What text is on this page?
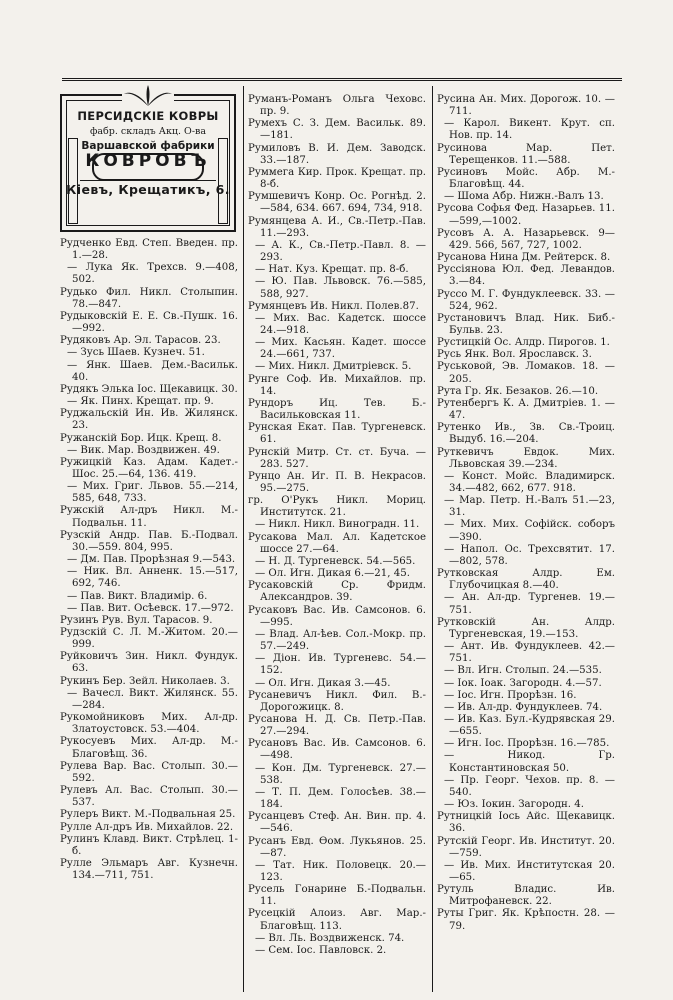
ПЕРСИДСКІЕ КОВРЫ
фабр. складъ Акц. О-ва
Варшавской фабрики
КОВРОВЪ
Кіевъ, Крещатикъ, 6.

Рудченко Евд. Степ. Введен. пр. 1.—28.

— Лука Як. Трехсв. 9.—408, 502.

Рудько Фил. Никл. Столыпин. 78.—847.

Рудыковскій Е. Е. Св.-Пушк. 16.—992.

Рудяковъ Ар. Эл. Тарасов. 23.

— Зусь Шаев. Кузнеч. 51.

— Янк. Шаев. Дем.-Васильк. 40.

Рудякъ Элька Іос. Щекавицк. 30.

— Як. Пинх. Крещат. пр. 9.

Руджальскій Ин. Ив. Жилянск. 23.

Ружанскій Бор. Ицк. Крещ. 8.

— Вик. Мар. Воздвижен. 49.

Ружицкій Каз. Адам. Кадет.-Шос. 25.—64, 136. 419.

— Мих. Григ. Львов. 55.—214, 585, 648, 733.

Ружскій Ал-дръ Никл. М.-Подвальн. 11.

Рузскій Андр. Пав. Б.-Подвал. 30.—559. 804, 995.

— Дм. Пав. Прорѣзная 9.—543.

— Ник. Вл. Анненк. 15.—517, 692, 746.

— Пав. Викт. Владимір. 6.

— Пав. Вит. Осѣевск. 17.—972.

Рузинъ Рув. Вул. Тарасов. 9.

Рудзскій С. Л. М.-Житом. 20.—999.

Руйковичъ Зин. Никл. Фундук. 63.

Рукинъ Бер. Зейл. Николаев. 3.

— Вачесл. Викт. Жилянск. 55.—284.

Рукомойниковъ Мих. Ал-др. Златоустовск. 53.—404.

Рукосуевъ Мих. Ал-др. М.-Благовѣщ. 36.

Рулева Вар. Вас. Столып. 30.—592.

Рулевъ Ал. Вас. Столып. 30.—537.

Рулеръ Викт. М.-Подвальная 25.

Рулле Ал-дръ Ив. Михайлов. 22.

Рулинъ Клавд. Викт. Стрѣлец. 1-б.

Рулле Эльмаръ Авг. Кузнечн. 134.—711, 751.

Руманъ-Романъ Ольга Чеховс. пр. 9.

Румехъ С. З. Дем. Васильк. 89. —181.

Румиловъ В. И. Дем. Заводск. 33.—187.

Руммега Кир. Прок. Крещат. пр. 8-б.

Румшевичъ Конр. Ос. Рогнѣд. 2.—584, 634. 667. 694, 734, 918.

Румянцева А. И., Св.-Петр.-Пав. 11.—293.

— А. К., Св.-Петр.-Павл. 8. — 293.

— Нат. Куз. Крещат. пр. 8-б.

— Ю. Пав. Львовск. 76.—585, 588, 927.

Румянцевъ Ив. Никл. Полев.87.

— Мих. Вас. Кадетск. шоссе 24.—918.

— Мих. Касьян. Кадет. шоссе 24.—661, 737.

— Мих. Никл. Дмитріевск. 5.

Рунге Соф. Ив. Михайлов. пр. 14.

Рундоръ Иц. Тев. Б.-Васильковская 11.

Рунская Екат. Пав. Тургеневск. 61.

Рунскій Митр. Ст. ст. Буча. — 283. 527.

Рунцо Ан. Иг. П. В. Некрасов. 95.—275.

гр. О'Рукъ Никл. Мориц. Институтск. 21.

— Никл. Никл. Виноградн. 11.

Русакова Мал. Ал. Кадетское шоссе 27.—64.

— Н. Д. Тургеневск. 54.—565.

— Ол. Игн. Дикая 6.—21, 45.

Русаковскій Ср. Фридм. Александров. 39.

Русаковъ Вас. Ив. Самсонов. 6.—995.

— Влад. Ал-ѣев. Сол.-Мокр. пр. 57.—249.

— Діон. Ив. Тургеневс. 54.— 152.

— Ол. Игн. Дикая 3.—45.

Русаневичъ Никл. Фил. В.-Дорогожицк. 8.

Русанова Н. Д. Св. Петр.-Пав. 27.—294.

Русановъ Вас. Ив. Самсонов. 6.—498.

— Кон. Дм. Тургеневск. 27.—538.

— Т. П. Дем. Голосѣев. 38.— 184.

Русанцевъ Стеф. Ан. Вин. пр. 4.—546.

Русанъ Евд. Ѳом. Лукьянов. 25.—87.

— Тат. Ник. Половецк. 20.— 123.

Русель Гонарине Б.-Подвальн. 11.

Русецкій Алоиз. Авг. Мар.-Благовѣщ. 113.

— Вл. Ль. Воздвиженск. 74.

— Сем. Іос. Павловск. 2.

Русина Ан. Мих. Дорогож. 10. —711.

— Карол. Викент. Крут. сп. Нов. пр. 14.

Русинова Мар. Пет. Терещенков. 11.—588.

Русиновъ Мойс. Абр. М.-Благовѣщ. 44.

— Шома Абр. Нижн.-Валъ 13.

Русова Софья Фед. Назарьев. 11.—599,—1002.

Русовъ А. А. Назарьевск. 9— 429. 566, 567, 727, 1002.

Русанова Нина Дм. Рейтерск. 8.

Руссіянова Юл. Фед. Левандов. 3.—84.

Руссо М. Г. Фундуклеевск. 33. —524, 962.

Рустановичъ Влад. Ник. Биб.-Бульв. 23.

Рустицкій Ос. Алдр. Пирогов. 1.

Русь Янк. Вол. Ярославск. 3.

Руськовой, Эв. Ломаков. 18. —205.

Рута Гр. Як. Безаков. 26.—10.

Рутенбергъ К. А. Дмитріев. 1. —47.

Рутенко Ив., Зв. Св.-Троиц. Выдуб. 16.—204.

Руткевичъ Евдок. Мих. Львовская 39.—234.

— Конст. Мойс. Владимирск. 34.—482, 662, 677. 918.

— Мар. Петр. Н.-Валъ 51.—23, 31.

— Мих. Мих. Софійск. соборъ —390.

— Напол. Ос. Трехсвятит. 17. —802, 578.

Рутковская Алдр. Ем. Глубочицкая 8.—40.

— Ан. Ал-др. Тургенев. 19.— 751.

Рутковскій Ан. Алдр. Тургеневская, 19.—153.

— Ант. Ив. Фундуклеев. 42.— 751.

— Вл. Игн. Столып. 24.—535.

— Іок. Іоак. Загородн. 4.—57.

— Іос. Игн. Прорѣзн. 16.

— Ив. Ал-др. Фундуклеев. 74.

— Ив. Каз. Бул.-Кудрявская 29.—655.

— Игн. Іос. Прорѣзн. 16.—785.

— Никод. Гр. Константиновская 50.

— Пр. Георг. Чехов. пр. 8. —540.

— Юз. Іокин. Загородн. 4.

Рутницкій Іось Айс. Щекавицк. 36.

Рутскій Георг. Ив. Институт. 20.—759.

— Ив. Мих. Институтская 20. —65.

Рутуль Владис. Ив. Митрофаневск. 22.

Руты Григ. Як. Крѣпостн. 28. —79.
